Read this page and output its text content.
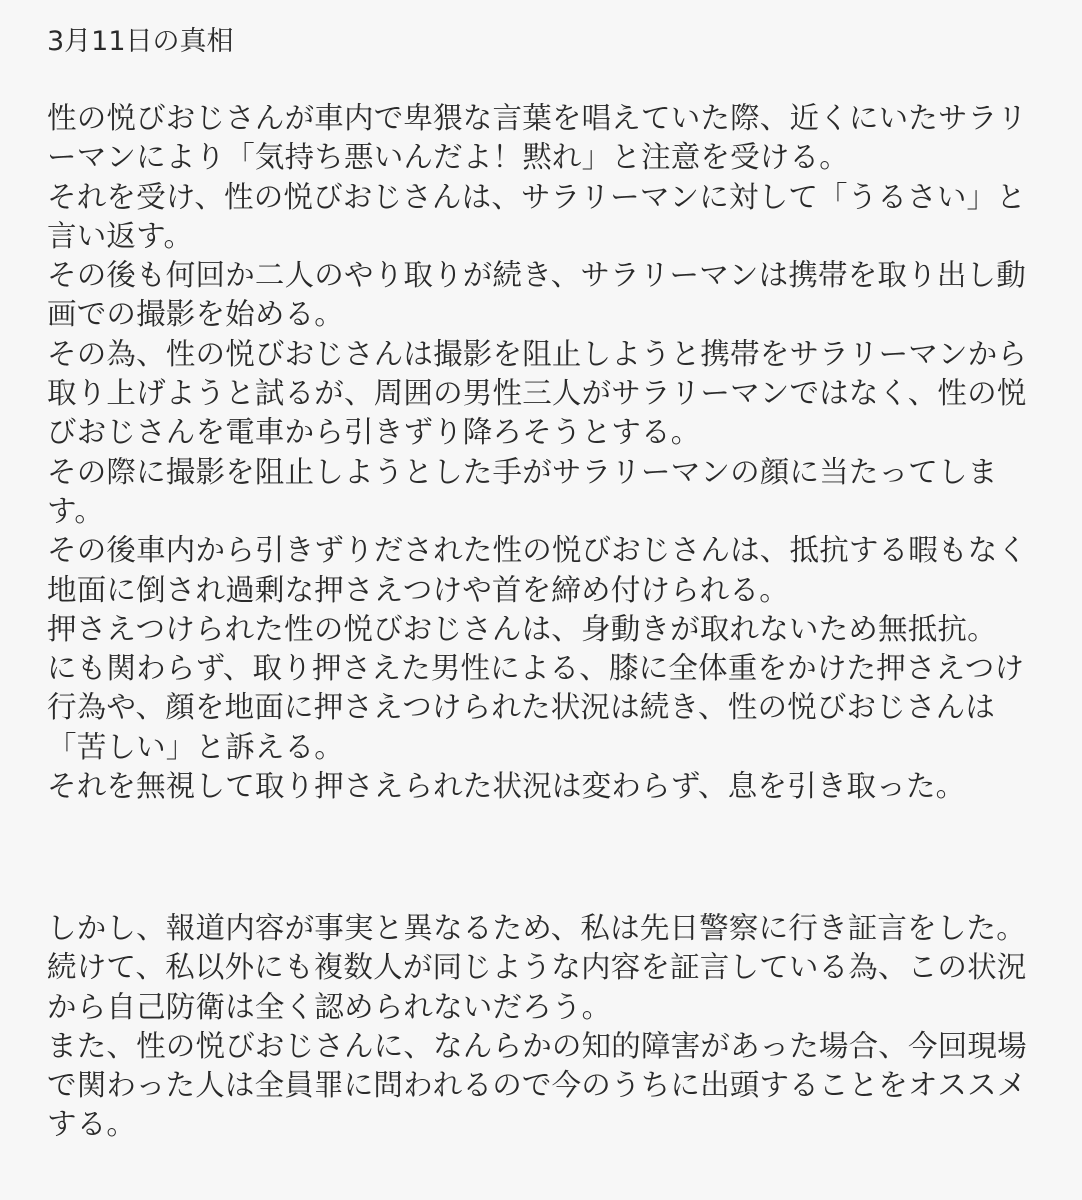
3月11日の真相
性の悦びおじさんが車内で卑猥な言葉を唱えていた際、近くにいたサラリ
ーマンにより「気持ち悪いんだよ！黙れ」と注意を受ける。
それを受け、性の悦びおじさんは、サラリーマンに対して「うるさい」と
言い返す。
その後も何回か二人のやり取りが続き、サラリーマンは携帯を取り出し動
画での撮影を始める。
その為、性の悦びおじさんは撮影を阻止しようと携帯をサラリーマンから
取り上げようと試るが、周囲の男性三人がサラリーマンではなく、性の悦
びおじさんを電車から引きずり降ろそうとする。
その際に撮影を阻止しようとした手がサラリーマンの顔に当たってしま
す。
その後車内から引きずりだされた性の悦びおじさんは、抵抗する暇もなく
地面に倒され過剰な押さえつけや首を締め付けられる。
押さえつけられた性の悦びおじさんは、身動きが取れないため無抵抗。
にも関わらず、取り押さえた男性による、膝に全体重をかけた押さえつけ
行為や、顔を地面に押さえつけられた状況は続き、性の悦びおじさんは
「苦しい」と訴える。
それを無視して取り押さえられた状況は変わらず、息を引き取った。
しかし、報道内容が事実と異なるため、私は先日警察に行き証言をした。
続けて、私以外にも複数人が同じような内容を証言している為、この状況
から自己防衛は全く認められないだろう。
また、性の悦びおじさんに、なんらかの知的障害があった場合、今回現場
で関わった人は全員罪に問われるので今のうちに出頭することをオススメ
する。
